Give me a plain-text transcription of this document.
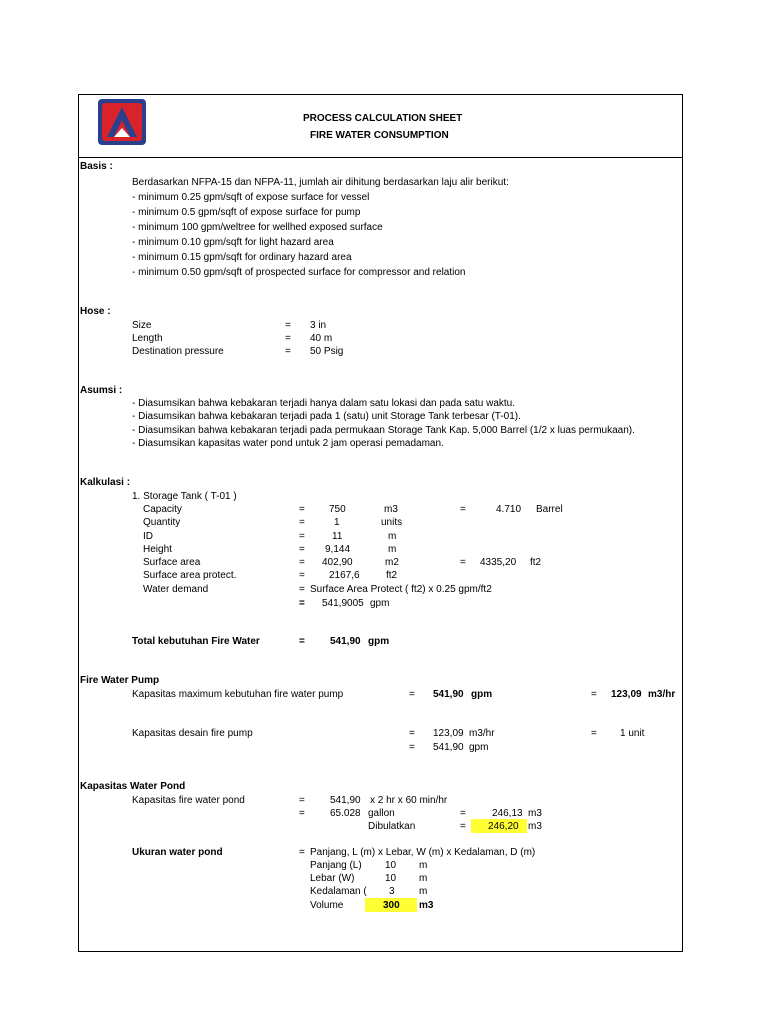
PROCESS CALCULATION SHEET
FIRE WATER CONSUMPTION
Basis :
Berdasarkan NFPA-15 dan NFPA-11, jumlah air dihitung berdasarkan laju alir berikut:
- minimum 0.25 gpm/sqft of expose surface for vessel
- minimum 0.5 gpm/sqft of expose surface for pump
- minimum 100 gpm/weltree for wellhed exposed surface
- minimum 0.10 gpm/sqft for light hazard area
- minimum 0.15 gpm/sqft for ordinary hazard area
- minimum 0.50 gpm/sqft of prospected surface for compressor and relation
Hose :
Size	= 3 in
Length	= 40 m
Destination pressure	= 50 Psig
Asumsi :
- Diasumsikan bahwa kebakaran terjadi hanya dalam satu lokasi dan pada satu waktu.
- Diasumsikan bahwa kebakaran terjadi pada 1 (satu) unit Storage Tank terbesar (T-01).
- Diasumsikan bahwa kebakaran terjadi pada permukaan Storage Tank Kap. 5,000 Barrel (1/2 x luas permukaan).
- Diasumsikan kapasitas water pond untuk 2 jam operasi pemadaman.
Kalkulasi :
1. Storage Tank ( T-01 )
Capacity	= 750	m3	=	4.710 Barrel
Quantity	=	1	units
ID	=	11	m
Height	= 9,144	m
Surface area	= 402,90	m2	= 4335,20 ft2
Surface area protect.	= 2167,6	ft2
Water demand	= Surface Area Protect ( ft2) x 0.25 gpm/ft2
= 541,9005 gpm
Total kebutuhan Fire Water	=	541,90 gpm
Fire Water Pump
Kapasitas maximum kebutuhan fire water pump	= 541,90 gpm	= 123,09 m3/hr
Kapasitas desain fire pump	= 123,09 m3/hr	= 1 unit
= 541,90 gpm
Kapasitas Water Pond
Kapasitas fire water pond	=	541,90 x 2 hr x 60 min/hr
=	65.028 gallon	=	246,13 m3
Dibulatkan	= 246,20 m3
Ukuran water pond	= Panjang, L (m) x Lebar, W (m) x Kedalaman, D (m)
Panjang (L) 10 m
Lebar (W)	10 m
Kedalaman ( 3 m
Volume	300 m3
